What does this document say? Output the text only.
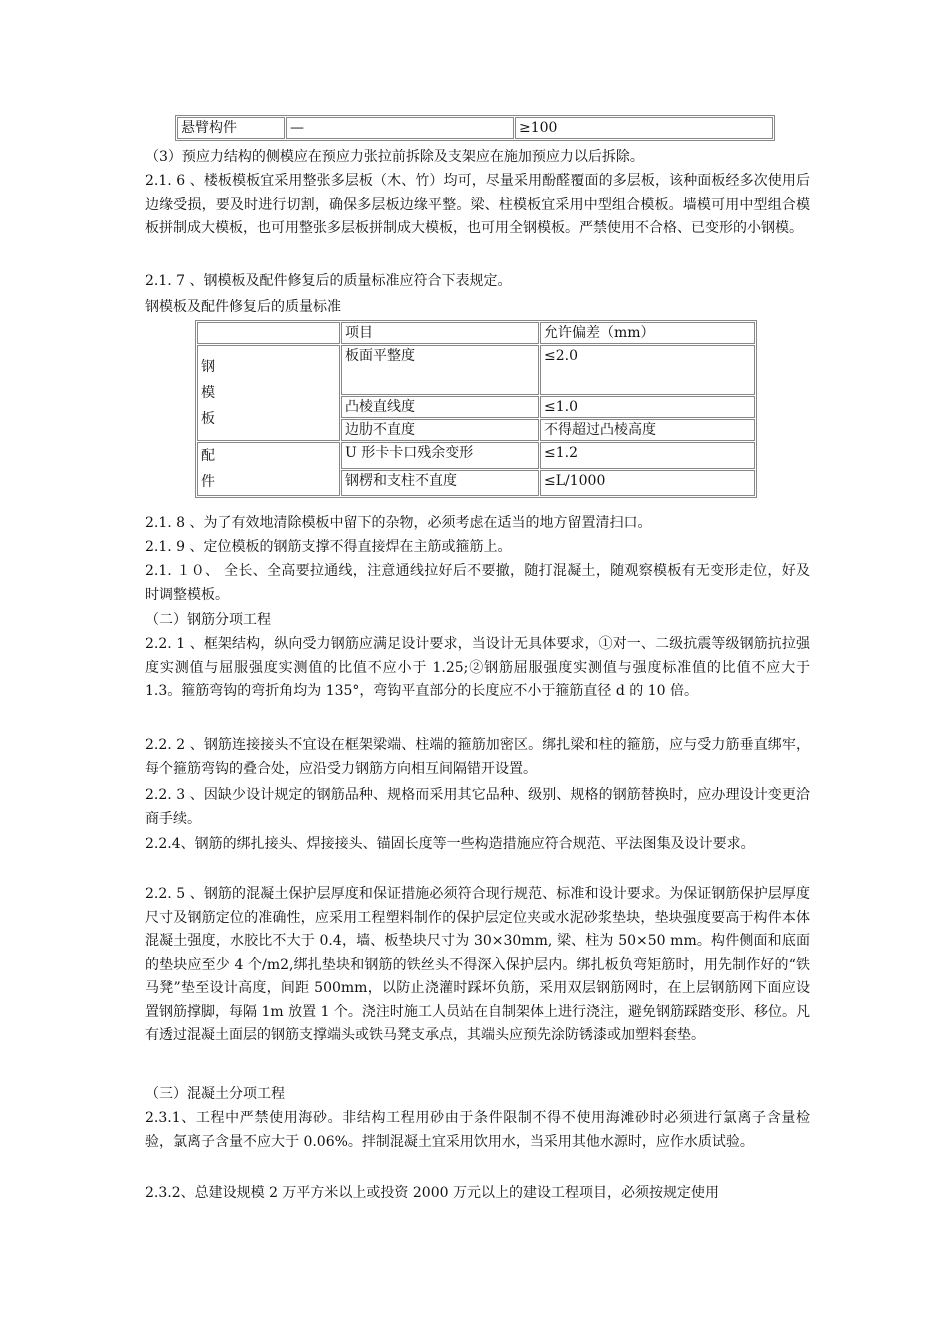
悬臂构件	—	≥100

（3）预应力结构的侧模应在预应力张拉前拆除及支架应在施加预应力以后拆除。

2.1. 6 、楼板模板宜采用整张多层板（木、竹）均可，尽量采用酚醛覆面的多层板，该种面板经多次使用后边缘受损，要及时进行切割，确保多层板边缘平整。梁、柱模板宜采用中型组合模板。墙模可用中型组合模板拼制成大模板，也可用整张多层板拼制成大模板，也可用全钢模板。严禁使用不合格、已变形的小钢模。

2.1. 7 、钢模板及配件修复后的质量标准应符合下表规定。

钢模板及配件修复后的质量标准
	项目	允许偏差（mm）
钢
模
板	板面平整度	≤2.0
	凸棱直线度	≤1.0
	边肋不直度	不得超过凸棱高度
配
件	U 形卡卡口残余变形	≤1.2
	钢楞和支柱不直度	≤L/1000

2.1. 8 、为了有效地清除模板中留下的杂物，必须考虑在适当的地方留置清扫口。

2.1. 9 、定位模板的钢筋支撑不得直接焊在主筋或箍筋上。

2.1. １０、 全长、全高要拉通线，注意通线拉好后不要撤，随打混凝土，随观察模板有无变形走位，好及时调整模板。

（二）钢筋分项工程

2.2. 1 、框架结构，纵向受力钢筋应满足设计要求，当设计无具体要求，①对一、二级抗震等级钢筋抗拉强度实测值与屈服强度实测值的比值不应小于 1.25;②钢筋屈服强度实测值与强度标准值的比值不应大于 1.3。箍筋弯钩的弯折角均为 135°，弯钩平直部分的长度应不小于箍筋直径 d 的 10 倍。

2.2. 2 、钢筋连接接头不宜设在框架梁端、柱端的箍筋加密区。绑扎梁和柱的箍筋，应与受力筋垂直绑牢，每个箍筋弯钩的叠合处，应沿受力钢筋方向相互间隔错开设置。

2.2. 3 、因缺少设计规定的钢筋品种、规格而采用其它品种、级别、规格的钢筋替换时，应办理设计变更洽商手续。

2.2.4、钢筋的绑扎接头、焊接接头、锚固长度等一些构造措施应符合规范、平法图集及设计要求。

2.2. 5 、钢筋的混凝土保护层厚度和保证措施必须符合现行规范、标准和设计要求。为保证钢筋保护层厚度尺寸及钢筋定位的准确性，应采用工程塑料制作的保护层定位夹或水泥砂浆垫块，垫块强度要高于构件本体混凝土强度，水胶比不大于 0.4，墙、板垫块尺寸为 30×30mm, 梁、柱为 50×50 mm。构件侧面和底面的垫块应至少 4 个/m2,绑扎垫块和钢筋的铁丝头不得深入保护层内。绑扎板负弯矩筋时，用先制作好的“铁马凳”垫至设计高度，间距 500mm，以防止浇灌时踩坏负筋，采用双层钢筋网时，在上层钢筋网下面应设置钢筋撑脚，每隔 1m 放置 1 个。浇注时施工人员站在自制架体上进行浇注，避免钢筋踩踏变形、移位。凡有透过混凝土面层的钢筋支撑端头或铁马凳支承点，其端头应预先涂防锈漆或加塑料套垫。

（三）混凝土分项工程

2.3.1、工程中严禁使用海砂。非结构工程用砂由于条件限制不得不使用海滩砂时必须进行氯离子含量检验，氯离子含量不应大于 0.06%。拌制混凝土宜采用饮用水，当采用其他水源时，应作水质试验。

2.3.2、总建设规模 2 万平方米以上或投资 2000 万元以上的建设工程项目，必须按规定使用
